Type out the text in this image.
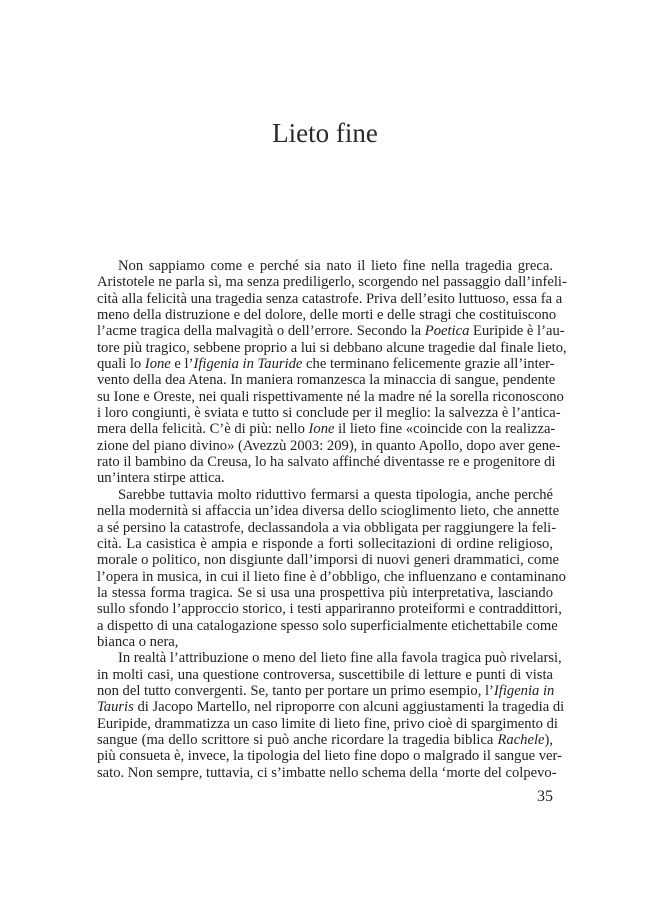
Lieto fine
Non sappiamo come e perché sia nato il lieto fine nella tragedia greca.
Aristotele ne parla sì, ma senza prediligerlo, scorgendo nel passaggio dall’infeli-
cità alla felicità una tragedia senza catastrofe. Priva dell’esito luttuoso, essa fa a
meno della distruzione e del dolore, delle morti e delle stragi che costituiscono
l’acme tragica della malvagità o dell’errore. Secondo la Poetica Euripide è l’au-
tore più tragico, sebbene proprio a lui si debbano alcune tragedie dal finale lieto,
quali lo Ione e l’Ifigenia in Tauride che terminano felicemente grazie all’inter-
vento della dea Atena. In maniera romanzesca la minaccia di sangue, pendente
su Ione e Oreste, nei quali rispettivamente né la madre né la sorella riconoscono
i loro congiunti, è sviata e tutto si conclude per il meglio: la salvezza è l’antica-
mera della felicità. C’è di più: nello Ione il lieto fine «coincide con la realizza-
zione del piano divino» (Avezzù 2003: 209), in quanto Apollo, dopo aver gene-
rato il bambino da Creusa, lo ha salvato affinché diventasse re e progenitore di
un’intera stirpe attica.
Sarebbe tuttavia molto riduttivo fermarsi a questa tipologia, anche perché
nella modernità si affaccia un’idea diversa dello scioglimento lieto, che annette
a sé persino la catastrofe, declassandola a via obbligata per raggiungere la feli-
cità. La casistica è ampia e risponde a forti sollecitazioni di ordine religioso,
morale o politico, non disgiunte dall’imporsi di nuovi generi drammatici, come
l’opera in musica, in cui il lieto fine è d’obbligo, che influenzano e contaminano
la stessa forma tragica. Se si usa una prospettiva più interpretativa, lasciando
sullo sfondo l’approccio storico, i testi appariranno proteiformi e contraddittori,
a dispetto di una catalogazione spesso solo superficialmente etichettabile come
bianca o nera,
In realtà l’attribuzione o meno del lieto fine alla favola tragica può rivelarsi,
in molti casi, una questione controversa, suscettibile di letture e punti di vista
non del tutto convergenti. Se, tanto per portare un primo esempio, l’Ifigenia in
Tauris di Jacopo Martello, nel riproporre con alcuni aggiustamenti la tragedia di
Euripide, drammatizza un caso limite di lieto fine, privo cioè di spargimento di
sangue (ma dello scrittore si può anche ricordare la tragedia biblica Rachele),
più consueta è, invece, la tipologia del lieto fine dopo o malgrado il sangue ver-
sato. Non sempre, tuttavia, ci s’imbatte nello schema della ‘morte del colpevo-
35
